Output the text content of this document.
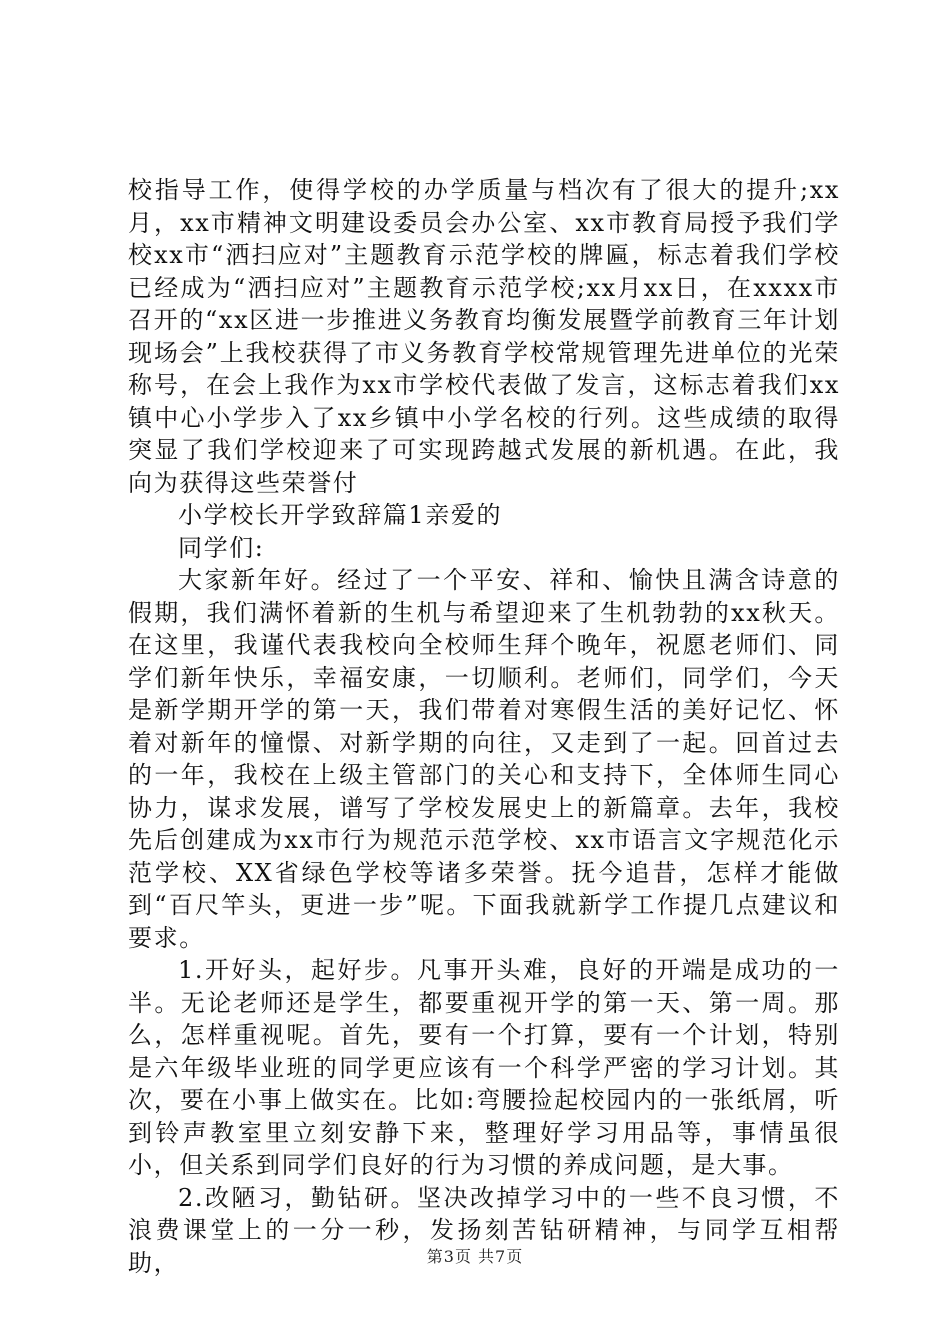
校指导工作，使得学校的办学质量与档次有了很大的提升;xx月，xx市精神文明建设委员会办公室、xx市教育局授予我们学校xx市“洒扫应对”主题教育示范学校的牌匾，标志着我们学校已经成为“洒扫应对”主题教育示范学校;xx月xx日，在xxxx市召开的“xx区进一步推进义务教育均衡发展暨学前教育三年计划现场会”上我校获得了市义务教育学校常规管理先进单位的光荣称号，在会上我作为xx市学校代表做了发言，这标志着我们xx镇中心小学步入了xx乡镇中小学名校的行列。这些成绩的取得突显了我们学校迎来了可实现跨越式发展的新机遇。在此，我向为获得这些荣誉付

小学校长开学致辞篇1亲爱的

同学们:

大家新年好。经过了一个平安、祥和、愉快且满含诗意的假期，我们满怀着新的生机与希望迎来了生机勃勃的xx秋天。在这里，我谨代表我校向全校师生拜个晚年，祝愿老师们、同学们新年快乐，幸福安康，一切顺利。老师们，同学们，今天是新学期开学的第一天，我们带着对寒假生活的美好记忆、怀着对新年的憧憬、对新学期的向往，又走到了一起。回首过去的一年，我校在上级主管部门的关心和支持下，全体师生同心协力，谋求发展，谱写了学校发展史上的新篇章。去年，我校先后创建成为xx市行为规范示范学校、xx市语言文字规范化示范学校、XX省绿色学校等诸多荣誉。抚今追昔，怎样才能做到“百尺竿头，更进一步”呢。下面我就新学工作提几点建议和要求。

1.开好头，起好步。凡事开头难，良好的开端是成功的一半。无论老师还是学生，都要重视开学的第一天、第一周。那么，怎样重视呢。首先，要有一个打算，要有一个计划，特别是六年级毕业班的同学更应该有一个科学严密的学习计划。其次，要在小事上做实在。比如:弯腰捡起校园内的一张纸屑，听到铃声教室里立刻安静下来，整理好学习用品等，事情虽很小，但关系到同学们良好的行为习惯的养成问题，是大事。

2.改陋习，勤钻研。坚决改掉学习中的一些不良习惯，不浪费课堂上的一分一秒，发扬刻苦钻研精神，与同学互相帮助，	第3页 共7页
